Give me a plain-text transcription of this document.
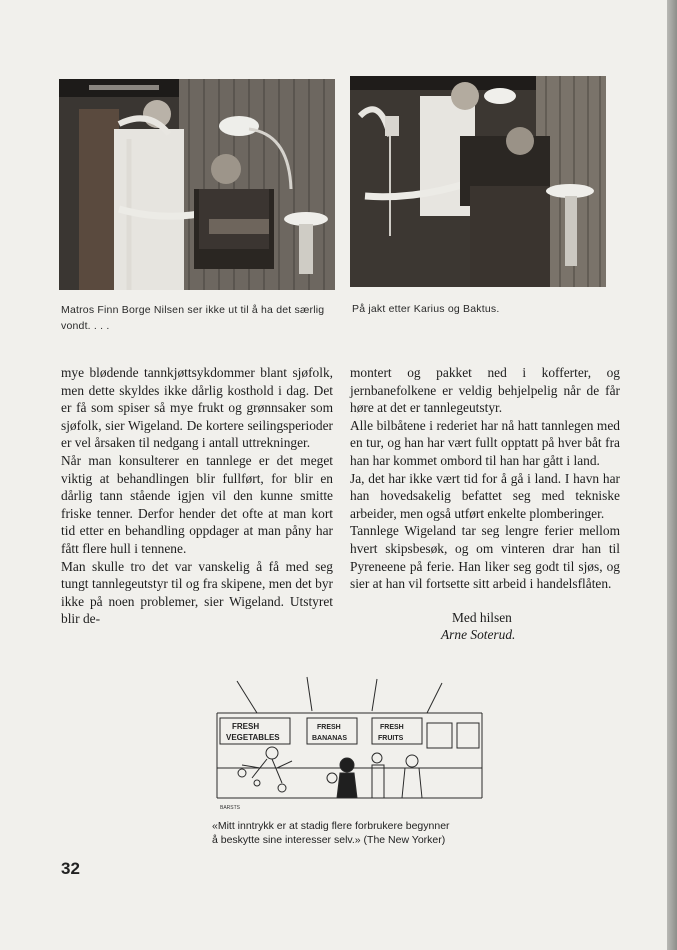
Matros Finn Borge Nilsen ser ikke ut til å ha det særlig vondt. . . .
På jakt etter Karius og Baktus.

mye blødende tannkjøttsykdommer blant sjøfolk, men dette skyldes ikke dårlig kosthold i dag. Det er få som spiser så mye frukt og grønnsaker som sjøfolk, sier Wigeland. De kortere seilingsperioder er vel årsaken til nedgang i antall uttrekninger.

Når man konsulterer en tannlege er det meget viktig at behandlingen blir fullført, for blir en dårlig tann stående igjen vil den kunne smitte friske tenner. Derfor hender det ofte at man kort tid etter en behandling oppdager at man påny har fått flere hull i tennene.

Man skulle tro det var vanskelig å få med seg tungt tannlegeutstyr til og fra skipene, men det byr ikke på noen problemer, sier Wigeland. Utstyret blir de-

montert og pakket ned i kofferter, og jernbanefolkene er veldig behjelpelig når de får høre at det er tannlegeutstyr.

Alle bilbåtene i rederiet har nå hatt tannlegen med en tur, og han har vært fullt opptatt på hver båt fra han har kommet ombord til han har gått i land.

Ja, det har ikke vært tid for å gå i land. I havn har han hovedsakelig befattet seg med tekniske arbeider, men også utført enkelte plomberinger.

Tannlege Wigeland tar seg lengre ferier mellom hvert skipsbesøk, og om vinteren drar han til Pyreneene på ferie. Han liker seg godt til sjøs, og sier at han vil fortsette sitt arbeid i handelsflåten.

Med hilsen
Arne Soterud.
FRESH
VEGETABLES
FRESH
BANANAS
FRESH
FRUITS
BARSTS
«Mitt inntrykk er at stadig flere forbrukere begynner
å beskytte sine interesser selv.» (The New Yorker)
32
